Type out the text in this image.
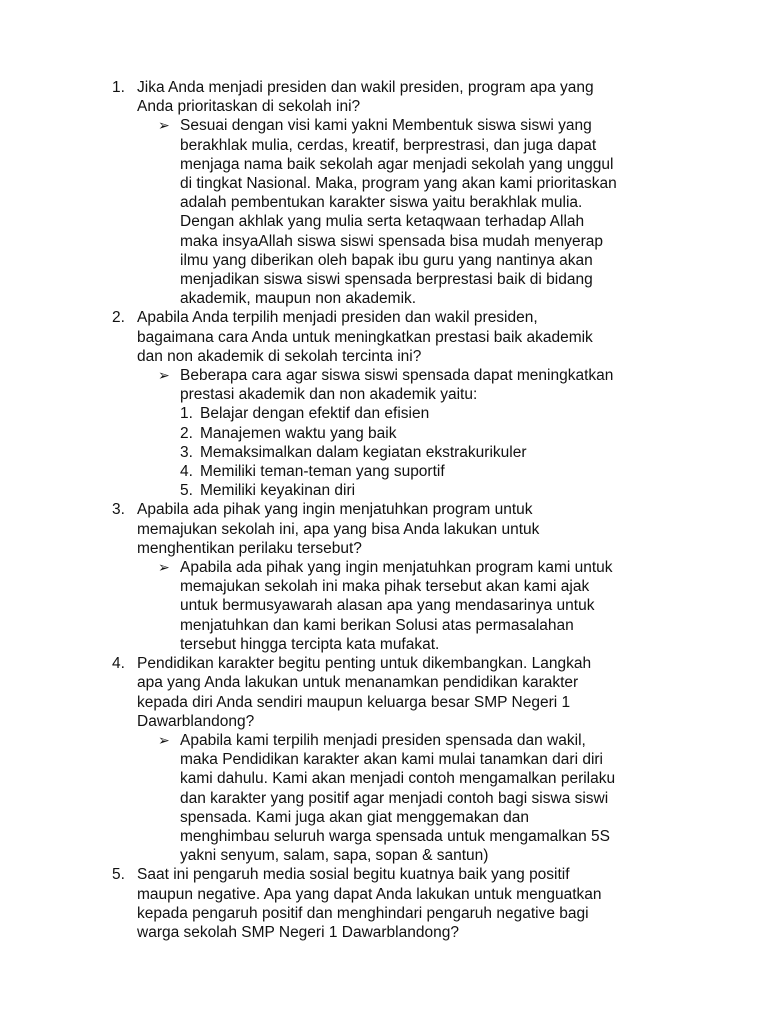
1. Jika Anda menjadi presiden dan wakil presiden, program apa yang
Anda prioritaskan di sekolah ini?
➢ Sesuai dengan visi kami yakni Membentuk siswa siswi yang
berakhlak mulia, cerdas, kreatif, berprestrasi, dan juga dapat
menjaga nama baik sekolah agar menjadi sekolah yang unggul
di tingkat Nasional. Maka, program yang akan kami prioritaskan
adalah pembentukan karakter siswa yaitu berakhlak mulia.
Dengan akhlak yang mulia serta ketaqwaan terhadap Allah
maka insyaAllah siswa siswi spensada bisa mudah menyerap
ilmu yang diberikan oleh bapak ibu guru yang nantinya akan
menjadikan siswa siswi spensada berprestasi baik di bidang
akademik, maupun non akademik.
2. Apabila Anda terpilih menjadi presiden dan wakil presiden,
bagaimana cara Anda untuk meningkatkan prestasi baik akademik
dan non akademik di sekolah tercinta ini?
➢ Beberapa cara agar siswa siswi spensada dapat meningkatkan
prestasi akademik dan non akademik yaitu:
1. Belajar dengan efektif dan efisien
2. Manajemen waktu yang baik
3. Memaksimalkan dalam kegiatan ekstrakurikuler
4. Memiliki teman-teman yang suportif
5. Memiliki keyakinan diri
3. Apabila ada pihak yang ingin menjatuhkan program untuk
memajukan sekolah ini, apa yang bisa Anda lakukan untuk
menghentikan perilaku tersebut?
➢ Apabila ada pihak yang ingin menjatuhkan program kami untuk
memajukan sekolah ini maka pihak tersebut akan kami ajak
untuk bermusyawarah alasan apa yang mendasarinya untuk
menjatuhkan dan kami berikan Solusi atas permasalahan
tersebut hingga tercipta kata mufakat.
4. Pendidikan karakter begitu penting untuk dikembangkan. Langkah
apa yang Anda lakukan untuk menanamkan pendidikan karakter
kepada diri Anda sendiri maupun keluarga besar SMP Negeri 1
Dawarblandong?
➢ Apabila kami terpilih menjadi presiden spensada dan wakil,
maka Pendidikan karakter akan kami mulai tanamkan dari diri
kami dahulu. Kami akan menjadi contoh mengamalkan perilaku
dan karakter yang positif agar menjadi contoh bagi siswa siswi
spensada. Kami juga akan giat menggemakan dan
menghimbau seluruh warga spensada untuk mengamalkan 5S
yakni senyum, salam, sapa, sopan & santun)
5. Saat ini pengaruh media sosial begitu kuatnya baik yang positif
maupun negative. Apa yang dapat Anda lakukan untuk menguatkan
kepada pengaruh positif dan menghindari pengaruh negative bagi
warga sekolah SMP Negeri 1 Dawarblandong?
